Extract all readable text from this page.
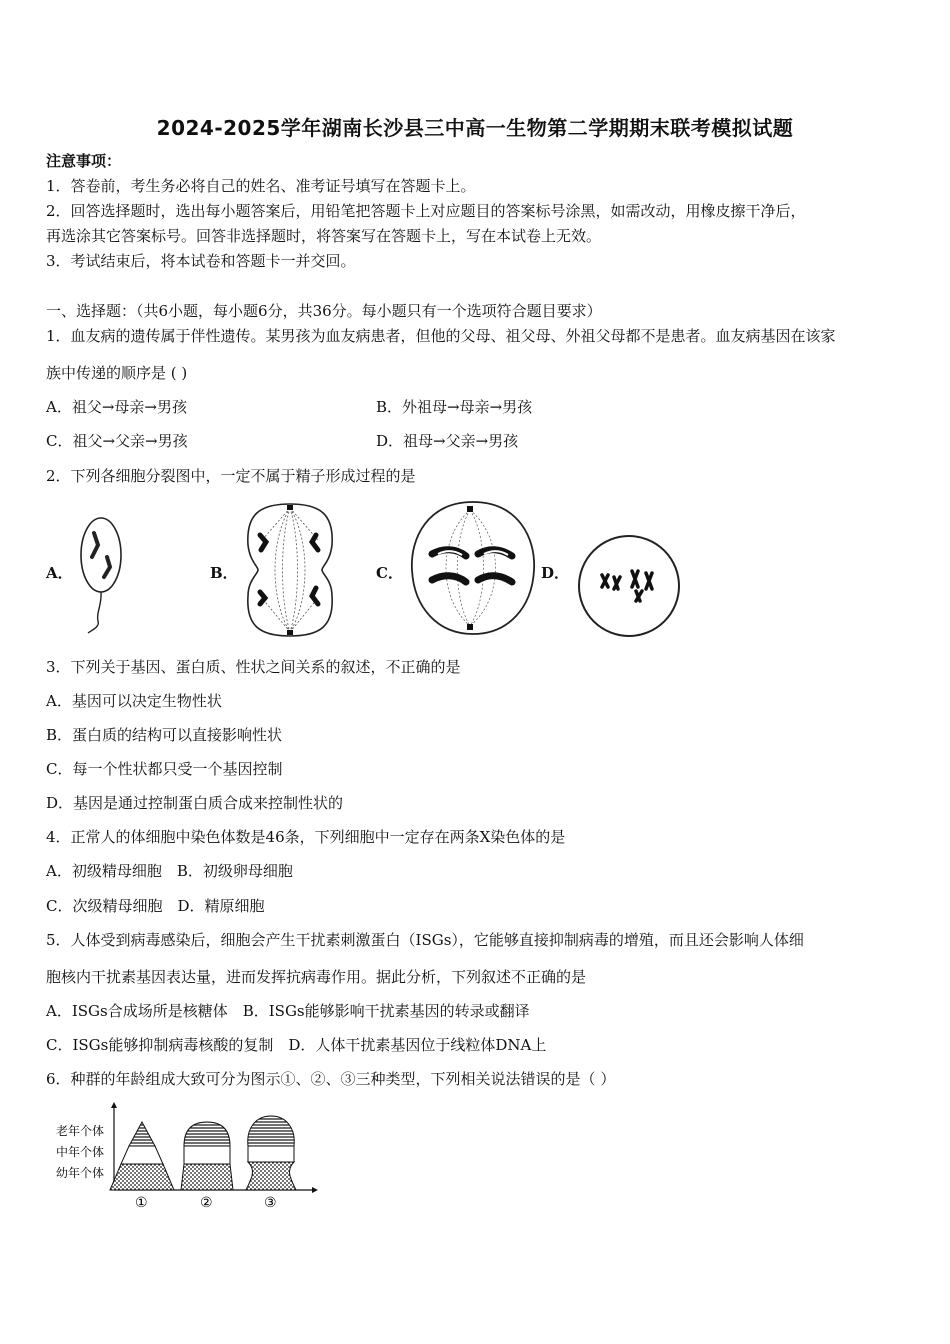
2024-2025学年湖南长沙县三中高一生物第二学期期末联考模拟试题
注意事项：
1．答卷前，考生务必将自己的姓名、准考证号填写在答题卡上。
2．回答选择题时，选出每小题答案后，用铅笔把答题卡上对应题目的答案标号涂黑，如需改动，用橡皮擦干净后，
再选涂其它答案标号。回答非选择题时，将答案写在答题卡上，写在本试卷上无效。
3．考试结束后，将本试卷和答题卡一并交回。
一、选择题：（共6小题，每小题6分，共36分。每小题只有一个选项符合题目要求）
1．血友病的遗传属于伴性遗传。某男孩为血友病患者，但他的父母、祖父母、外祖父母都不是患者。血友病基因在该家
族中传递的顺序是 ( )
A．祖父→母亲→男孩	B．外祖母→母亲→男孩
C．祖父→父亲→男孩	D．祖母→父亲→男孩
2．下列各细胞分裂图中，一定不属于精子形成过程的是
A．	B．	C．	D．
3．下列关于基因、蛋白质、性状之间关系的叙述，不正确的是
A．基因可以决定生物性状
B．蛋白质的结构可以直接影响性状
C．每一个性状都只受一个基因控制
D．基因是通过控制蛋白质合成来控制性状的
4．正常人的体细胞中染色体数是46条，下列细胞中一定存在两条X染色体的是
A．初级精母细胞　B．初级卵母细胞
C．次级精母细胞　D．精原细胞
5．人体受到病毒感染后，细胞会产生干扰素刺激蛋白（ISGs），它能够直接抑制病毒的增殖，而且还会影响人体细
胞核内干扰素基因表达量，进而发挥抗病毒作用。据此分析，下列叙述不正确的是
A．ISGs合成场所是核糖体　B．ISGs能够影响干扰素基因的转录或翻译
C．ISGs能够抑制病毒核酸的复制　D．人体干扰素基因位于线粒体DNA上
6．种群的年龄组成大致可分为图示①、②、③三种类型，下列相关说法错误的是（ ）
老年个体
中年个体
幼年个体
①	②	③
